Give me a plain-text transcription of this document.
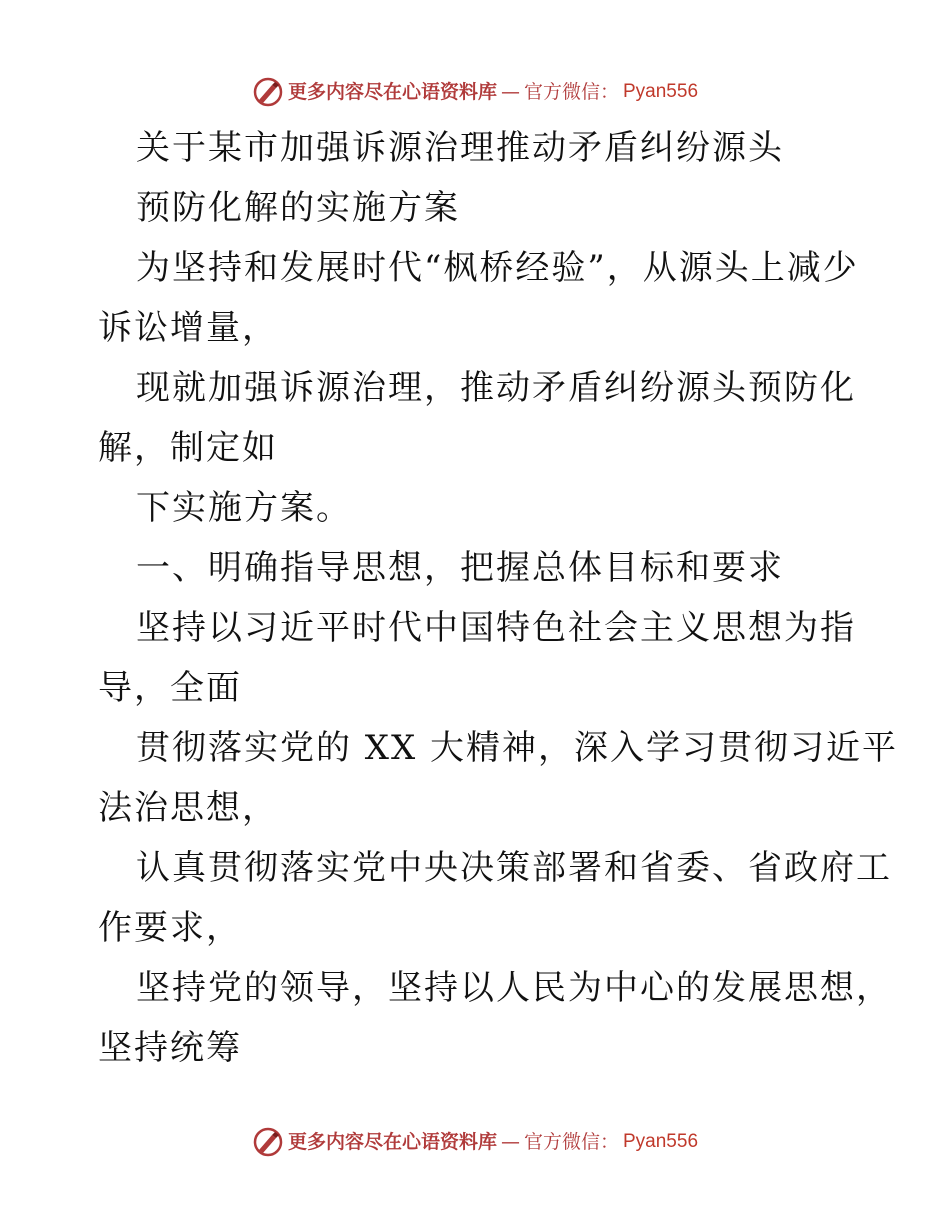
更多内容尽在心语资料库 — 官方微信： Pyan556
关于某市加强诉源治理推动矛盾纠纷源头
预防化解的实施方案
为坚持和发展时代“枫桥经验”，从源头上减少
诉讼增量，
现就加强诉源治理，推动矛盾纠纷源头预防化
解，制定如
下实施方案。
一、明确指导思想，把握总体目标和要求
坚持以习近平时代中国特色社会主义思想为指
导，全面
贯彻落实党的 XX 大精神，深入学习贯彻习近平
法治思想，
认真贯彻落实党中央决策部署和省委、省政府工
作要求，
坚持党的领导，坚持以人民为中心的发展思想，
坚持统筹
更多内容尽在心语资料库 — 官方微信： Pyan556
